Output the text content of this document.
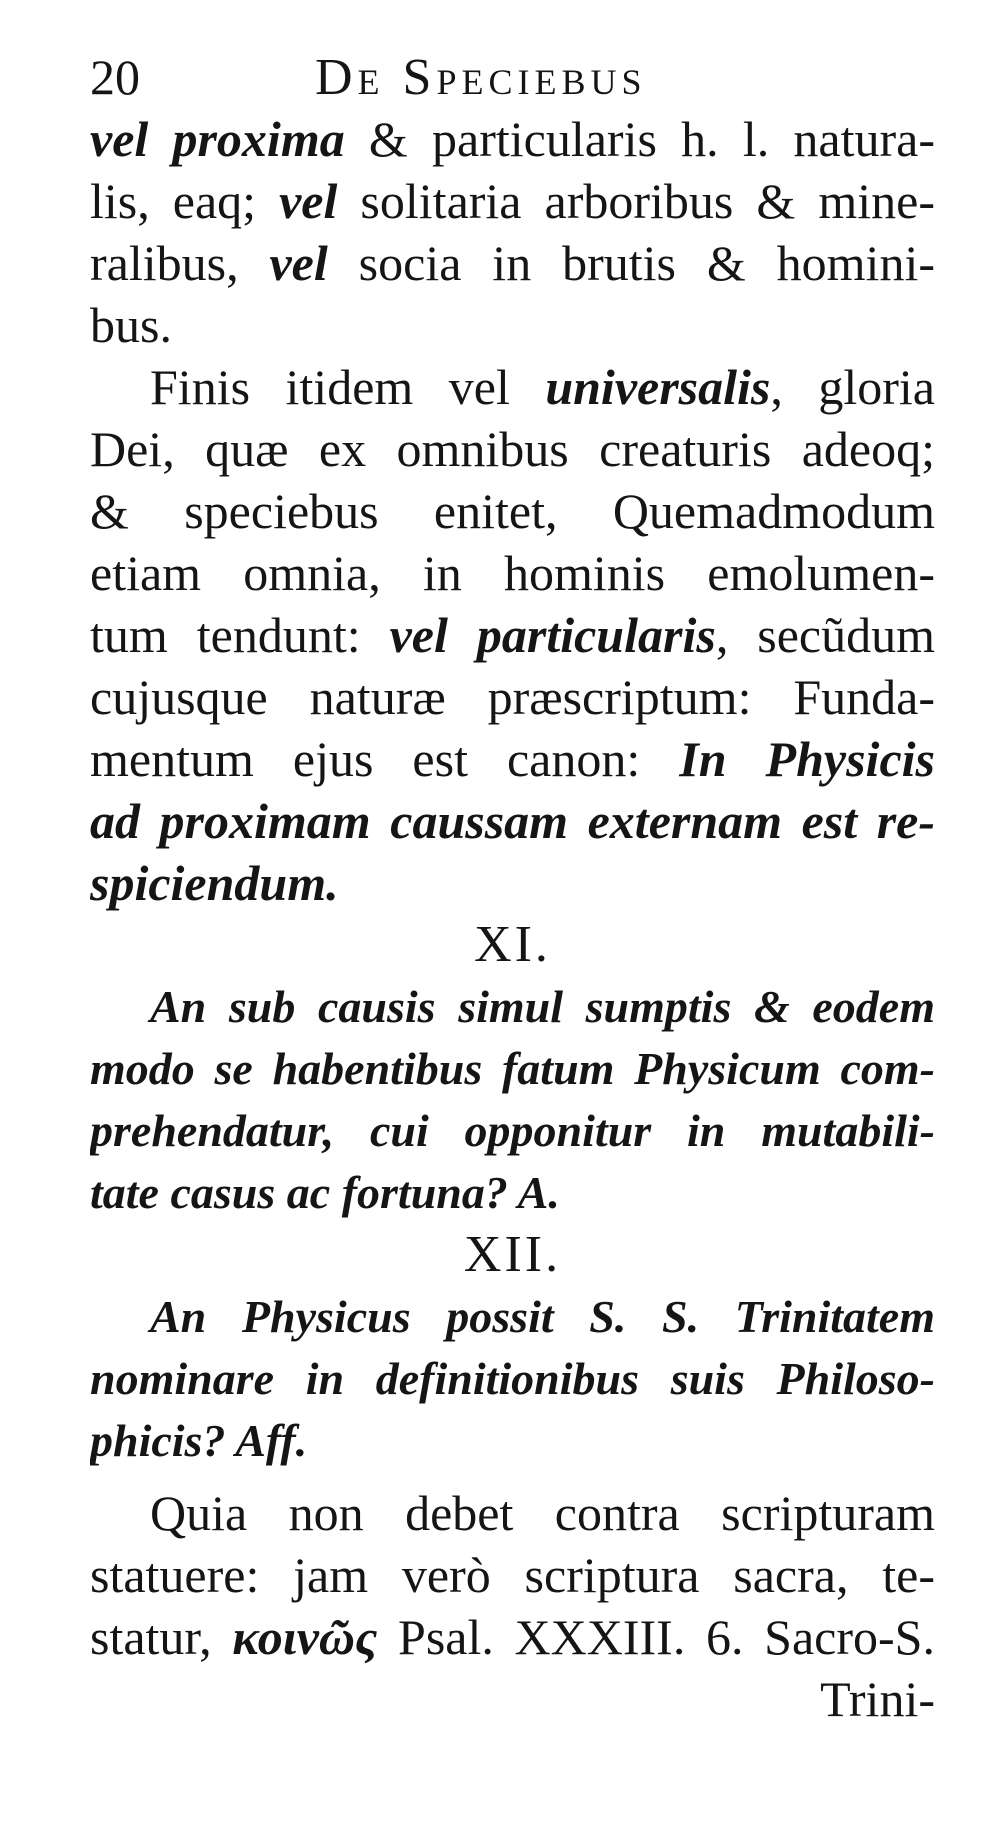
20	De Speciebus
vel proxima & particularis h. l. natura-
lis, eaq; vel solitaria arboribus & mine-
ralibus, vel socia in brutis & homini-
bus.
Finis itidem vel universalis, gloria
Dei, quæ ex omnibus creaturis adeoq;
& speciebus enitet, Quemadmodum
etiam omnia, in hominis emolumen-
tum tendunt: vel particularis, secũdum
cujusque naturæ præscriptum: Funda-
mentum ejus est canon: In Physicis
ad proximam caussam externam est re-
spiciendum.
XI.
An sub causis simul sumptis & eodem
modo se habentibus fatum Physicum com-
prehendatur, cui opponitur in mutabili-
tate casus ac fortuna? A.
XII.
An Physicus possit S. S. Trinitatem
nominare in definitionibus suis Philoso-
phicis? Aff.
Quia non debet contra scripturam
statuere: jam verò scriptura sacra, te-
statur, κοινῶς Psal. XXXIII. 6. Sacro-S.
Trini-
